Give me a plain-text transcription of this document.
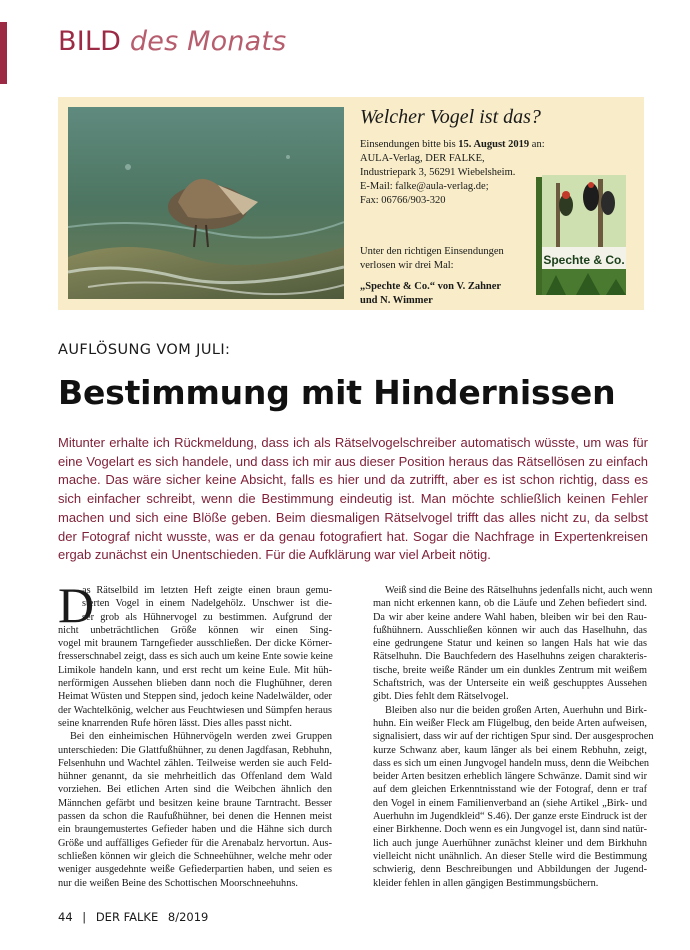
BILD des Monats
Welcher Vogel ist das?
Einsendungen bitte bis 15. August 2019 an:
AULA-Verlag, DER FALKE,
Industriepark 3, 56291 Wiebelsheim.
E-Mail: falke@aula-verlag.de;
Fax: 06766/903-320
Unter den richtigen Einsendungen
verlosen wir drei Mal:
„Spechte & Co.“ von V. Zahner
und N. Wimmer
Spechte & Co.
AUFLÖSUNG VOM JULI:
Bestimmung mit Hindernissen
Mitunter erhalte ich Rückmeldung, dass ich als Rätselvogelschreiber automatisch wüsste, um was für
eine Vogelart es sich handele, und dass ich mir aus dieser Position heraus das Rätsellösen zu einfach
mache. Das wäre sicher keine Absicht, falls es hier und da zutrifft, aber es ist schon richtig, dass es
sich einfacher schreibt, wenn die Bestimmung eindeutig ist. Man möchte schließlich keinen Fehler
machen und sich eine Blöße geben. Beim diesmaligen Rätselvogel trifft das alles nicht zu, da selbst
der Fotograf nicht wusste, was er da genau fotografiert hat. Sogar die Nachfrage in Expertenkreisen
ergab zunächst ein Unentschieden. Für die Aufklärung war viel Arbeit nötig.
D
as Rätselbild im letzten Heft zeigte einen braun gemu-
sterten Vogel in einem Nadelgehölz. Unschwer ist die-
ser grob als Hühnervogel zu bestimmen. Aufgrund der
nicht unbeträchtlichen Größe können wir einen Sing-
vogel mit braunem Tarngefieder ausschließen. Der dicke Körner-
fresserschnabel zeigt, dass es sich auch um keine Ente sowie keine
Limikole handeln kann, und erst recht um keine Eule. Mit hüh-
nerförmigen Aussehen blieben dann noch die Flughühner, deren
Heimat Wüsten und Steppen sind, jedoch keine Nadelwälder, oder
der Wachtelkönig, welcher aus Feuchtwiesen und Sümpfen heraus
seine knarrenden Rufe hören lässt. Dies alles passt nicht.
Bei den einheimischen Hühnervögeln werden zwei Gruppen
unterschieden: Die Glattfußhühner, zu denen Jagdfasan, Rebhuhn,
Felsenhuhn und Wachtel zählen. Teilweise werden sie auch Feld-
hühner genannt, da sie mehrheitlich das Offenland dem Wald
vorziehen. Bei etlichen Arten sind die Weibchen ähnlich den
Männchen gefärbt und besitzen keine braune Tarntracht. Besser
passen da schon die Raufußhühner, bei denen die Hennen meist
ein braungemustertes Gefieder haben und die Hähne sich durch
Größe und auffälliges Gefieder für die Arenabalz hervortun. Aus-
schließen können wir gleich die Schneehühner, welche mehr oder
weniger ausgedehnte weiße Gefiederpartien haben, und seien es
nur die weißen Beine des Schottischen Moorschneehuhns.
Weiß sind die Beine des Rätselhuhns jedenfalls nicht, auch wenn
man nicht erkennen kann, ob die Läufe und Zehen befiedert sind.
Da wir aber keine andere Wahl haben, bleiben wir bei den Rau-
fußhühnern. Ausschließen können wir auch das Haselhuhn, das
eine gedrungene Statur und keinen so langen Hals hat wie das
Rätselhuhn. Die Bauchfedern des Haselhuhns zeigen charakteris-
tische, breite weiße Ränder um ein dunkles Zentrum mit weißem
Schaftstrich, was der Unterseite ein weiß geschupptes Aussehen
gibt. Dies fehlt dem Rätselvogel.
Bleiben also nur die beiden großen Arten, Auerhuhn und Birk-
huhn. Ein weißer Fleck am Flügelbug, den beide Arten aufweisen,
signalisiert, dass wir auf der richtigen Spur sind. Der ausgesprochen
kurze Schwanz aber, kaum länger als bei einem Rebhuhn, zeigt,
dass es sich um einen Jungvogel handeln muss, denn die Weibchen
beider Arten besitzen erheblich längere Schwänze. Damit sind wir
auf dem gleichen Erkenntnisstand wie der Fotograf, denn er traf
den Vogel in einem Familienverband an (siehe Artikel „Birk- und
Auerhuhn im Jugendkleid“ S.46). Der ganze erste Eindruck ist der
einer Birkhenne. Doch wenn es ein Jungvogel ist, dann sind natür-
lich auch junge Auerhühner zunächst kleiner und dem Birkhuhn
vielleicht nicht unähnlich. An dieser Stelle wird die Bestimmung
schwierig, denn Beschreibungen und Abbildungen der Jugend-
kleider fehlen in allen gängigen Bestimmungsbüchern.
44 | DER FALKE 8/2019
